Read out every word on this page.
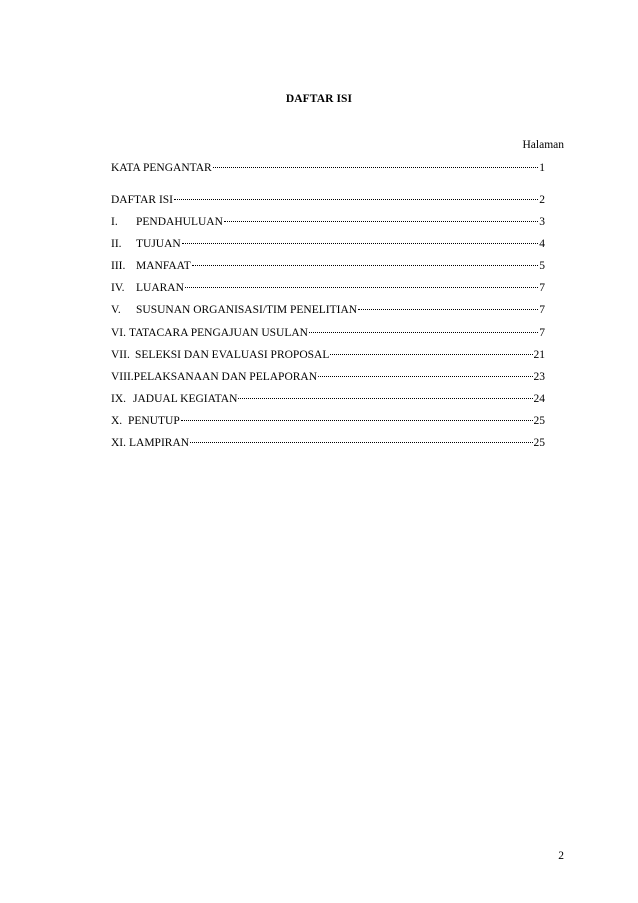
DAFTAR ISI
Halaman
KATA PENGANTAR	1
DAFTAR ISI	2
I.	PENDAHULUAN	3
II.	TUJUAN	4
III. MANFAAT	5
IV. LUARAN	7
V.	SUSUNAN ORGANISASI/TIM PENELITIAN	7
VI. TATACARA PENGAJUAN USULAN	7
VII. SELEKSI DAN EVALUASI PROPOSAL	21
VIII. PELAKSANAAN DAN PELAPORAN	23
IX. JADUAL KEGIATAN	24
X. PENUTUP	25
XI. LAMPIRAN	25
2
